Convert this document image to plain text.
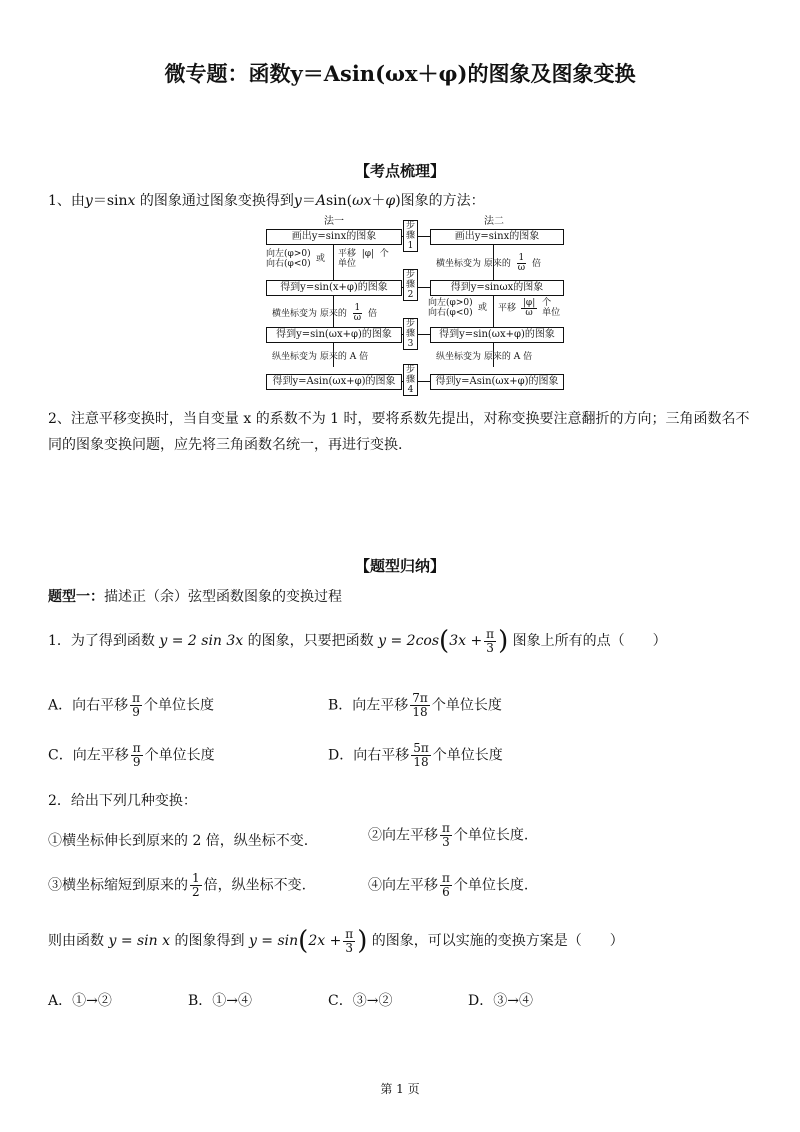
微专题：函数y＝Asin(ωx＋φ)的图象及图象变换
【考点梳理】
1、由y＝sinx 的图象通过图象变换得到y＝Asin(ωx＋φ)图象的方法：
法一	法二
画出y=sinx的图象	画出y=sinx的图象
步
骤
1
向左(φ>0)
向右(φ<0) 或 平移  |φ|  个
单位	横坐标变为 原来的 $\frac{1}{\omega}$ 倍
得到y=sin(x+φ)的图象	得到y=sinωx的图象
步
骤
2
横坐标变为 原来的 $\frac{1}{\omega}$ 倍
向左(φ>0)
向右(φ<0) 或 平移 $\frac{|\varphi|}{\omega}$ 个
单位
得到y=sin(ωx+φ)的图象	得到y=sin(ωx+φ)的图象
步
骤
3
纵坐标变为 原来的 A 倍	纵坐标变为 原来的 A 倍
得到y=Asin(ωx+φ)的图象	得到y=Asin(ωx+φ)的图象
步
骤
4
2、注意平移变换时，当自变量 x 的系数不为 1 时，要将系数先提出，对称变换要注意翻折的方向；三角函数名不同的图象变换问题，应先将三角函数名统一，再进行变换.
【题型归纳】
题型一：描述正（余）弦型函数图象的变换过程
1．为了得到函数 y = 2 sin 3x 的图象，只要把函数 $y = 2\cos(3x + \frac{\pi}{3}$ ) 图象上所有的点（　　）
A．向右平移 $\frac{\pi}{9}$ 个单位长度	B．向左平移 $\frac{7\pi}{18}$ 个单位长度
C．向左平移 $\frac{\pi}{9}$ 个单位长度	D．向右平移 $\frac{5\pi}{18}$ 个单位长度
2．给出下列几种变换：
①横坐标伸长到原来的 2 倍，纵坐标不变.	②向左平移 $\frac{\pi}{3}$ 个单位长度.
③横坐标缩短到原来的 $\frac{1}{2}$ 倍，纵坐标不变.	④向左平移 $\frac{\pi}{6}$ 个单位长度.
则由函数 y = sin x 的图象得到 $y = \sin(2x + \frac{\pi}{3}$ ) 的图象，可以实施的变换方案是（　　）
A．①→②	B．①→④	C．③→②	D．③→④
第 1 页
